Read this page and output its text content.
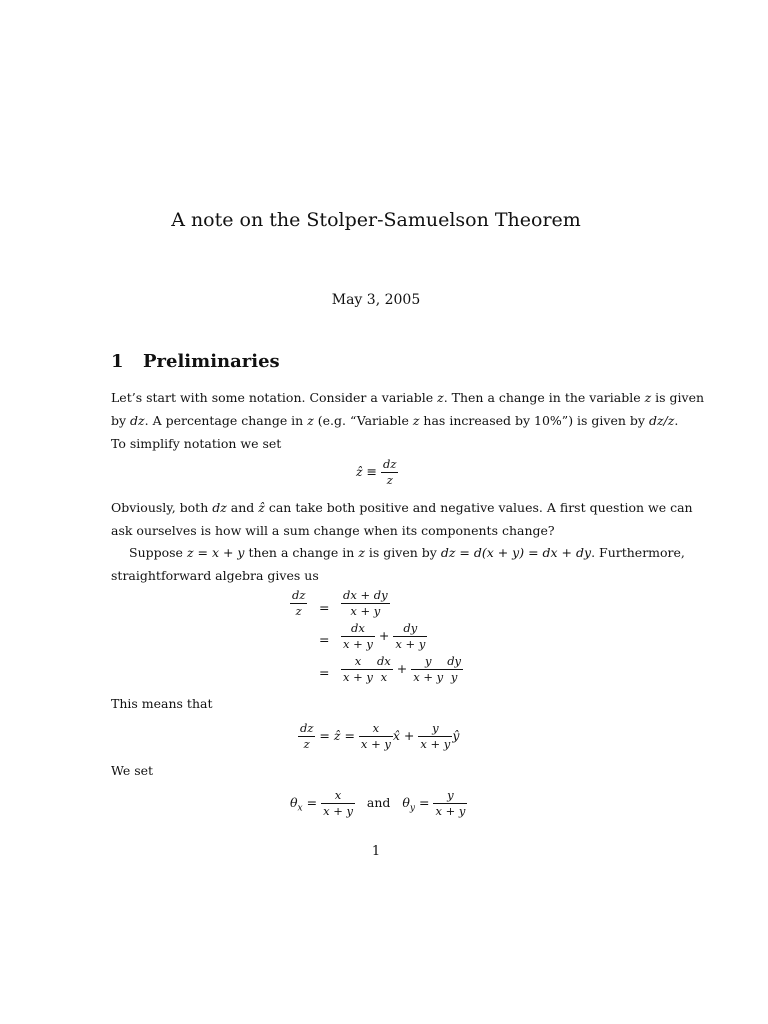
A note on the Stolper-Samuelson Theorem
May 3, 2005
1 Preliminaries
Let’s start with some notation. Consider a variable z. Then a change in the variable z is given
by dz. A percentage change in z (e.g. “Variable z has increased by 10%”) is given by dz/z.
To simplify notation we set
ẑ ≡ $\frac{dz}{z}$
Obviously, both dz and ẑ can take both positive and negative values. A first question we can
ask ourselves is how will a sum change when its components change?
Suppose z = x + y then a change in z is given by dz = d(x + y) = dx + dy. Furthermore,
straightforward algebra gives us
$\frac{dz}{z} = \frac{dx + dy}{x + y}$
= $\frac{dx}{x + y} + \frac{dy}{x + y}$
= $\frac{x}{x + y} \frac{dx}{x} + \frac{y}{x + y} \frac{dy}{y}$
This means that
$\frac{dz}{z}$ = ẑ = $\frac{x}{x + y}$ x̂ + $\frac{y}{x + y}$ ŷ
We set
$\theta_x = \frac{x}{x + y}$ and $\theta_y = \frac{y}{x + y}$
1
